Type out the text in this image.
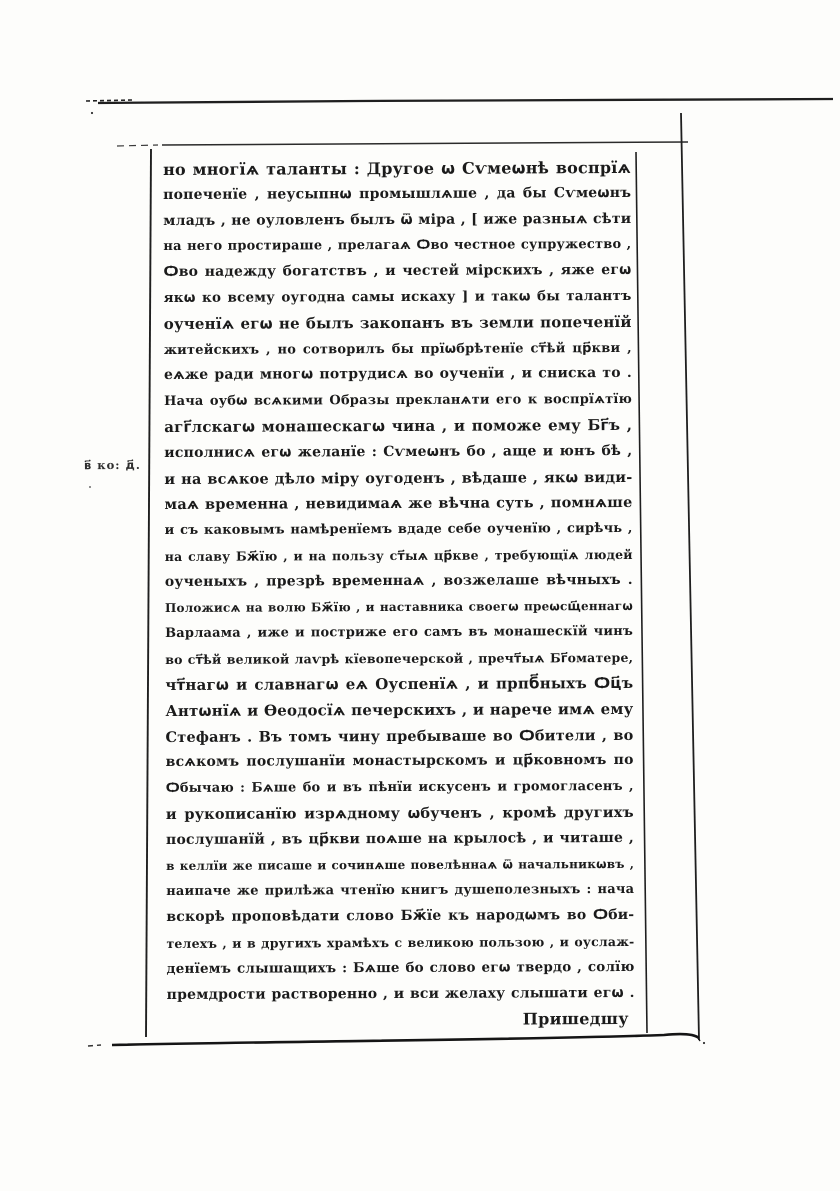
в҃ ко: д҃.
но многїѧ таланты : Другое ѡ Сѵмеѡнѣ воспрїѧ
попеченїе , неусыпнѡ промышлѧше , да бы Сѵмеѡнъ
младъ , не оуловленъ былъ ѿ міра , [ иже разныѧ сѣти
на него простираше , прелагаѧ Ѻво честное супружество ,
Ѻво надежду богатствъ , и честей мірскихъ , яже егѡ
якѡ ко всему оугодна самы искаху ] и такѡ бы талантъ
оученїѧ егѡ не былъ закопанъ въ земли попеченїй
житейскихъ , но сотворилъ бы прїѡбрѣтенїе ст҃ѣй цр҃кви ,
еѧже ради многѡ потрудисѧ во оученїи , и сниска то .
Нача оубѡ всѧкими Образы прекланѧти его к воспрїѧтїю
агг҃лскагѡ монашескагѡ чина , и поможе ему Бг҃ъ ,
исполнисѧ егѡ желанїе : Сѵмеѡнъ бо , аще и юнъ бѣ ,
и на всѧкое дѣло міру оугоденъ , вѣдаше , якѡ види-
маѧ временна , невидимаѧ же вѣчна суть , помнѧше
и съ каковымъ намѣренїемъ вдаде себе оученїю , сирѣчь ,
на славу Бж҃їю , и на пользу ст҃ыѧ цр҃кве , требующїѧ людей
оученыхъ , презрѣ временнаѧ , возжелаше вѣчныхъ .
Положисѧ на волю Бж҃їю , и наставника своегѡ преѡсщ҃еннагѡ
Варлаама , иже и постриже его самъ въ монашескїй чинъ
во ст҃ѣй великой лаѵрѣ кїевопечерской , пречт҃ыѧ Бг҃оматере,
чт҃нагѡ и славнагѡ еѧ Оуспенїѧ , и прпб҃ныхъ Ѻц҃ъ
Антѡнїѧ и Ѳеодосїѧ печерскихъ , и нарече имѧ ему
Стефанъ . Въ томъ чину пребываше во Ѻбители , во
всѧкомъ послушанїи монастырскомъ и цр҃ковномъ по
Ѻбычаю : Бѧше бо и въ пѣнїи искусенъ и громогласенъ ,
и рукописанїю изрѧдному ѡбученъ , кромѣ другихъ
послушанїй , въ цр҃кви поѧше на крылосѣ , и читаше ,
в келлїи же писаше и сочинѧше повелѣннаѧ ѿ начальникѡвъ ,
наипаче же прилѣжа чтенїю книгъ душеполезныхъ : нача
вскорѣ проповѣдати слово Бж҃їе къ народѡмъ во Ѻби-
телехъ , и в другихъ храмѣхъ с великою пользою , и оуслаж-
денїемъ слышащихъ : Бѧше бо слово егѡ твердо , солїю
премдрости растворенно , и вси желаху слышати егѡ .
Пришедшу
